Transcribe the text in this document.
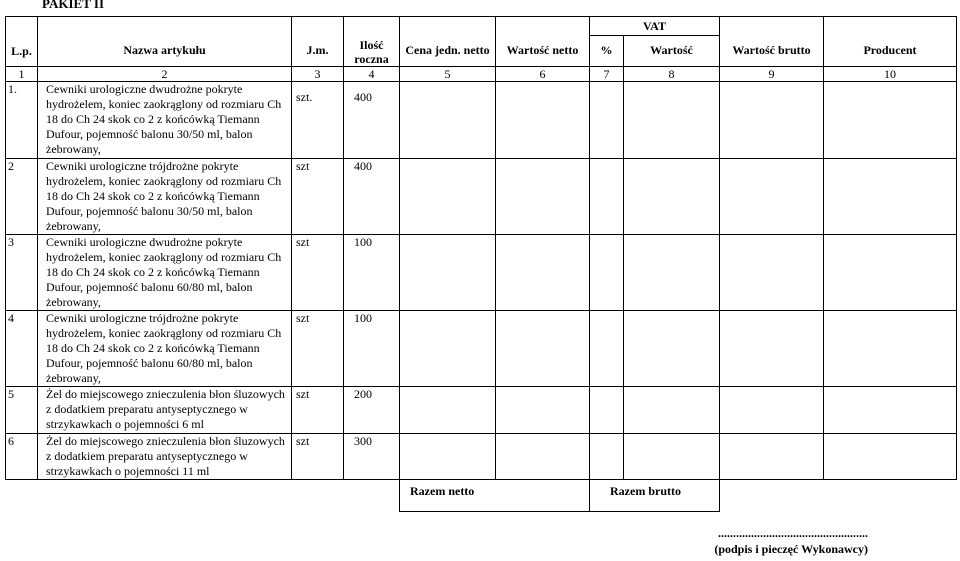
PAKIET II
						VAT			
L.p.	Nazwa artykułu	J.m.	Ilość roczna	Cena jedn. netto	Wartość netto	%	Wartość	Wartość brutto	Producent
1	2	3	4	5	6	7	8	9	10
1.	Cewniki urologiczne dwudrożne pokryte hydrożelem, koniec zaokrąglony od rozmiaru Ch 18 do Ch 24 skok co 2 z końcówką Tiemann Dufour, pojemność balonu 30/50 ml, balon żebrowany,	szt.	400						
2	Cewniki urologiczne trójdrożne pokryte hydrożelem, koniec zaokrąglony od rozmiaru Ch 18 do Ch 24 skok co 2 z końcówką Tiemann Dufour, pojemność balonu 30/50 ml, balon żebrowany,	szt	400						
3	Cewniki urologiczne dwudrożne pokryte hydrożelem, koniec zaokrąglony od rozmiaru Ch 18 do Ch 24 skok co 2 z końcówką Tiemann Dufour, pojemność balonu 60/80 ml, balon żebrowany,	szt	100						
4	Cewniki urologiczne trójdrożne pokryte hydrożelem, koniec zaokrąglony od rozmiaru Ch 18 do Ch 24 skok co 2 z końcówką Tiemann Dufour, pojemność balonu 60/80 ml, balon żebrowany,	szt	100						
5	Żel do miejscowego znieczulenia błon śluzowych z dodatkiem preparatu antyseptycznego w strzykawkach o pojemności 6 ml	szt	200						
6	Żel do miejscowego znieczulenia błon śluzowych z dodatkiem preparatu antyseptycznego w strzykawkach o pojemności 11 ml	szt	300						
				Razem netto		Razem brutto			
..................................................
(podpis i pieczęć Wykonawcy)
